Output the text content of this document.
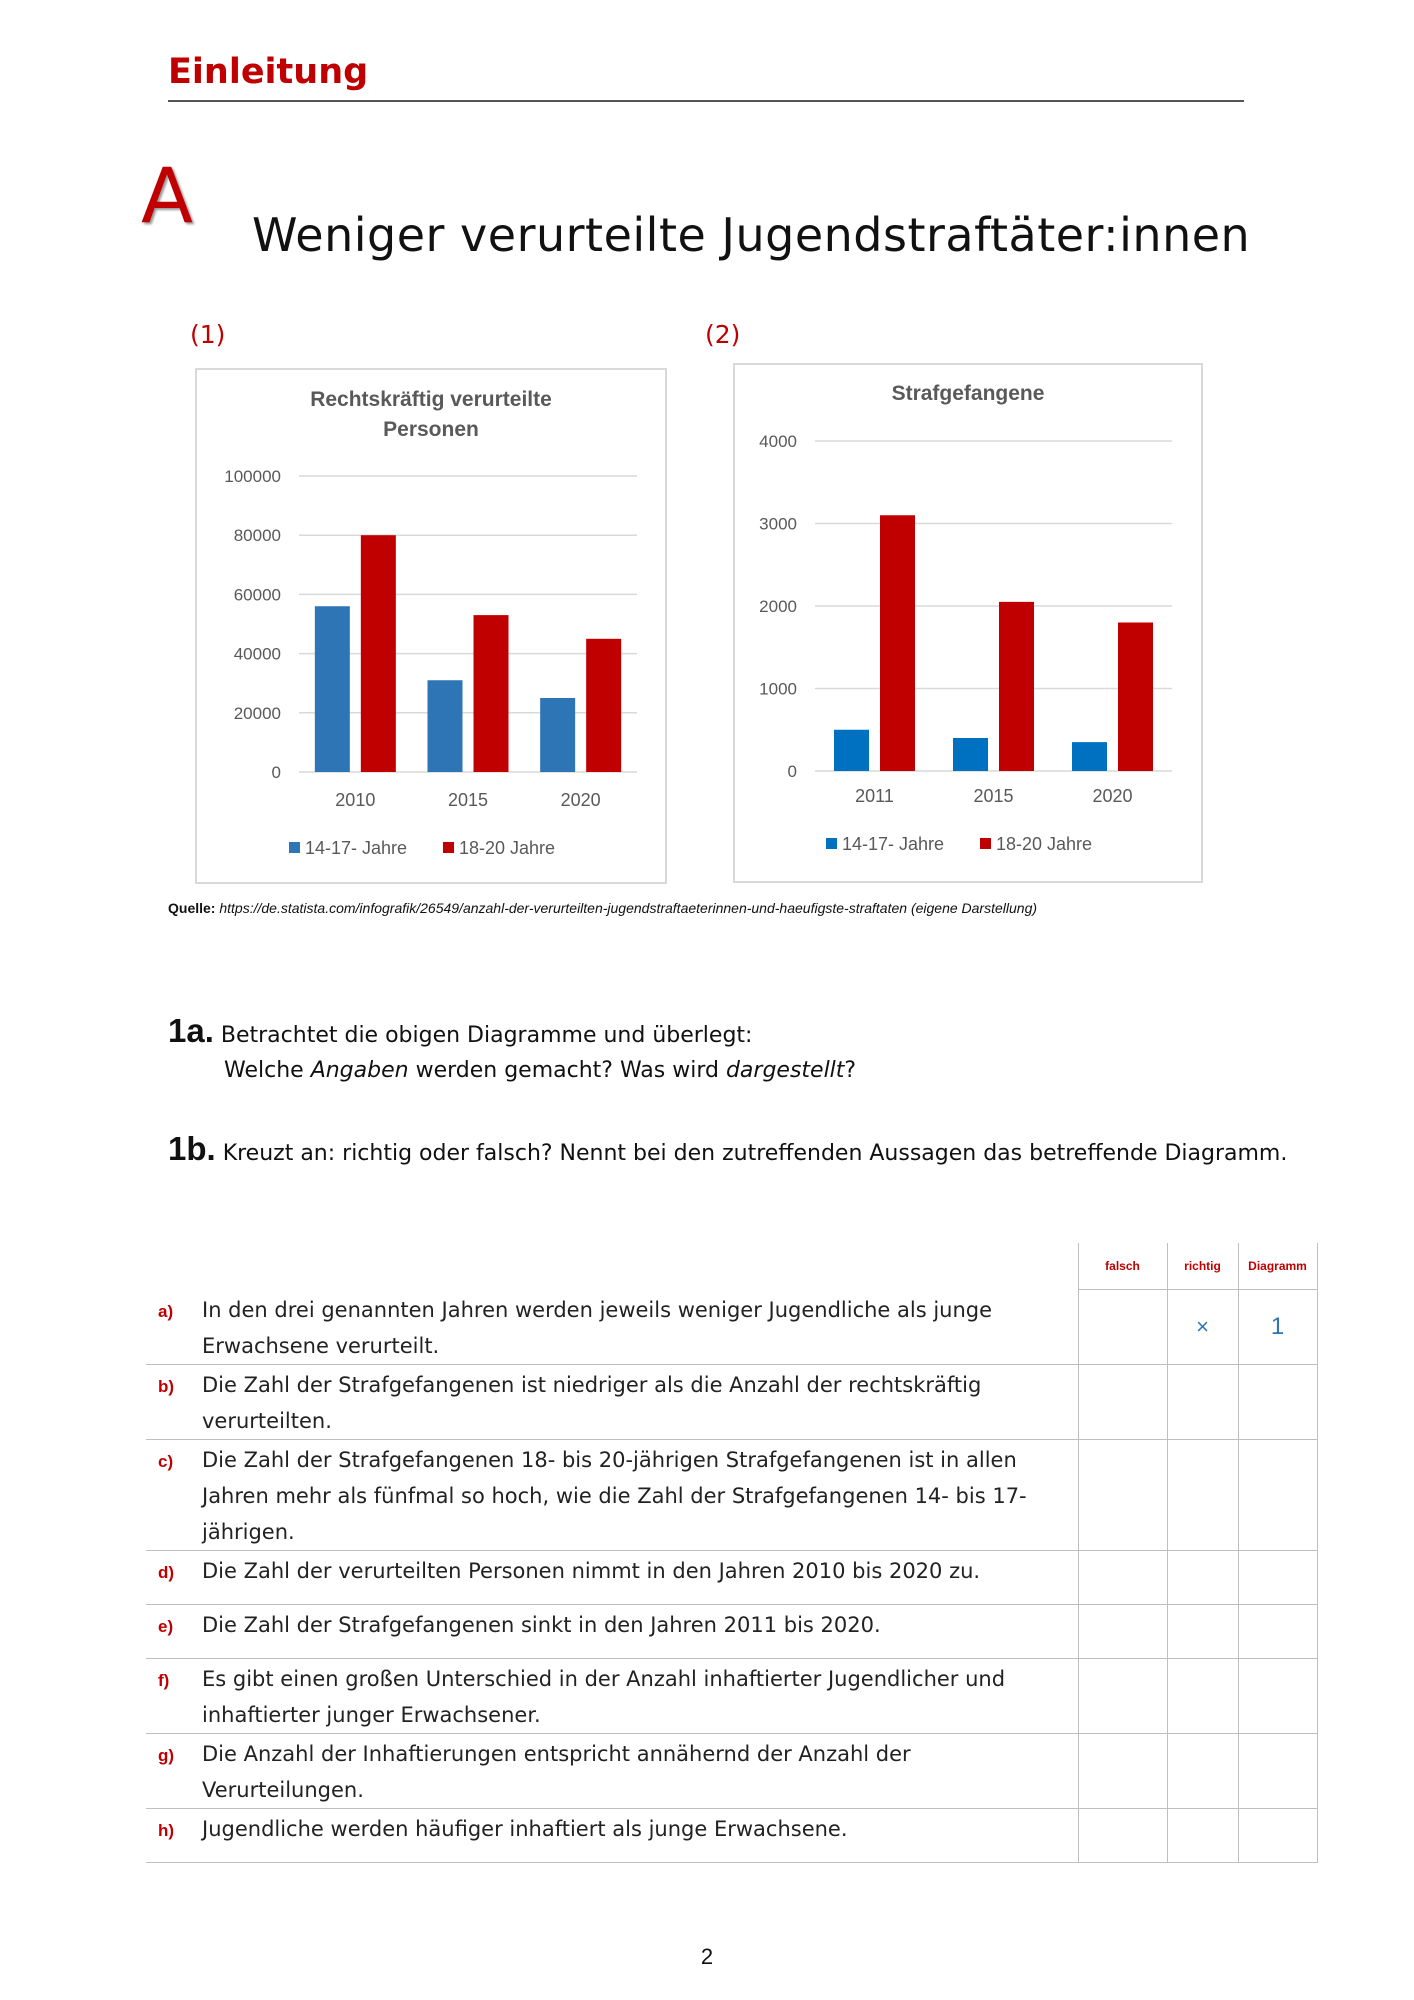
Einleitung
A Weniger verurteilte Jugendstraftäter:innen
(1)	(2)
Rechtskräftig verurteilte
Personen
0
20000
40000
60000
80000
100000
2010	2015	2020
14-17- Jahre	18-20 Jahre
Strafgefangene
0
1000
2000
3000
4000
2011	2015	2020
14-17- Jahre	18-20 Jahre
Quelle: https://de.statista.com/infografik/26549/anzahl-der-verurteilten-jugendstraftaeterinnen-und-haeufigste-straftaten (eigene Darstellung)
1a. Betrachtet die obigen Diagramme und überlegt:
Welche Angaben werden gemacht? Was wird dargestellt?
1b. Kreuzt an: richtig oder falsch? Nennt bei den zutreffenden Aussagen das betreffende Diagramm.
		falsch	richtig	Diagramm
a)	In den drei genannten Jahren werden jeweils weniger Jugendliche als junge Erwachsene verurteilt.		×	1
b)	Die Zahl der Strafgefangenen ist niedriger als die Anzahl der rechtskräftig verurteilten.			
c)	Die Zahl der Strafgefangenen 18- bis 20-jährigen Strafgefangenen ist in allen Jahren mehr als fünfmal so hoch, wie die Zahl der Strafgefangenen 14- bis 17-jährigen.			
d)	Die Zahl der verurteilten Personen nimmt in den Jahren 2010 bis 2020 zu.			
e)	Die Zahl der Strafgefangenen sinkt in den Jahren 2011 bis 2020.			
f)	Es gibt einen großen Unterschied in der Anzahl inhaftierter Jugendlicher und inhaftierter junger Erwachsener.			
g)	Die Anzahl der Inhaftierungen entspricht annähernd der Anzahl der Verurteilungen.			
h)	Jugendliche werden häufiger inhaftiert als junge Erwachsene.			
2
